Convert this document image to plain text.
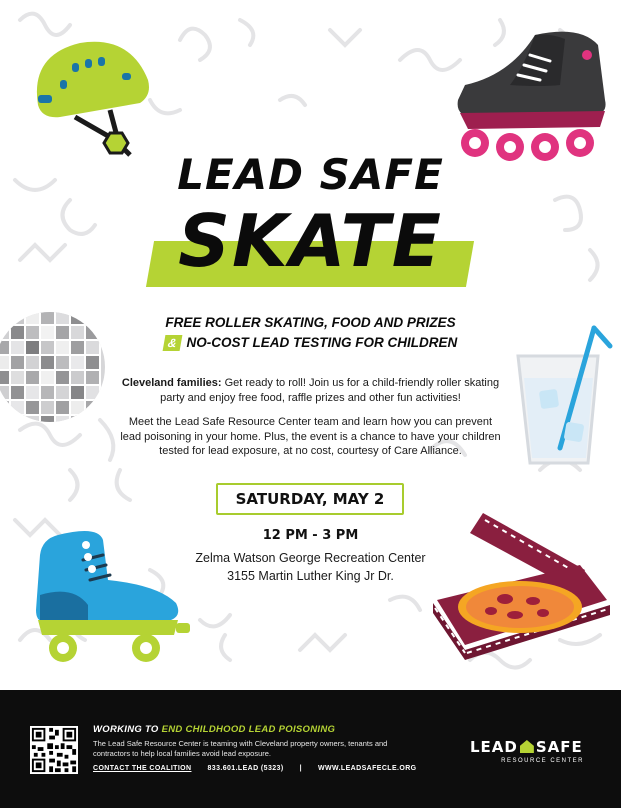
LEAD SAFE
SKATE
FREE ROLLER SKATING, FOOD AND PRIZES
& NO-COST LEAD TESTING FOR CHILDREN
Cleveland families: Get ready to roll! Join us for a child-friendly roller skating party and enjoy free food, raffle prizes and other fun activities!
Meet the Lead Safe Resource Center team and learn how you can prevent lead poisoning in your home. Plus, the event is a chance to have your children tested for lead exposure, at no cost, courtesy of Care Alliance.
SATURDAY, MAY 2
12 PM - 3 PM
Zelma Watson George Recreation Center
3155 Martin Luther King Jr Dr.
WORKING TO END CHILDHOOD LEAD POISONING
The Lead Safe Resource Center is teaming with Cleveland property owners, tenants and contractors to help local families avoid lead exposure.
CONTACT THE COALITION 833.601.LEAD (5323) | WWW.LEADSAFECLE.ORG
LEAD SAFE
RESOURCE CENTER
